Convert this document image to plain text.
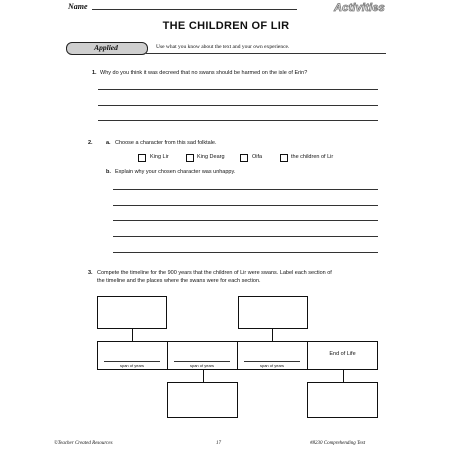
Name	Activities
THE CHILDREN OF LIR
Applied	Use what you know about the text and your own experience.
1. Why do you think it was decreed that no swans should be harmed on the isle of Erin?
2. a. Choose a character from this sad folktale.
King Lir	King Dearg	Oifa	the children of Lir
b. Explain why your chosen character was unhappy.
3. Compete the timeline for the 900 years that the children of Lir were swans. Label each section of
the timeline and the places where the swans were for each section.
span of years	span of years	span of years
End of Life
©Teacher Created Resources	17	#8230 Comprehending Text
